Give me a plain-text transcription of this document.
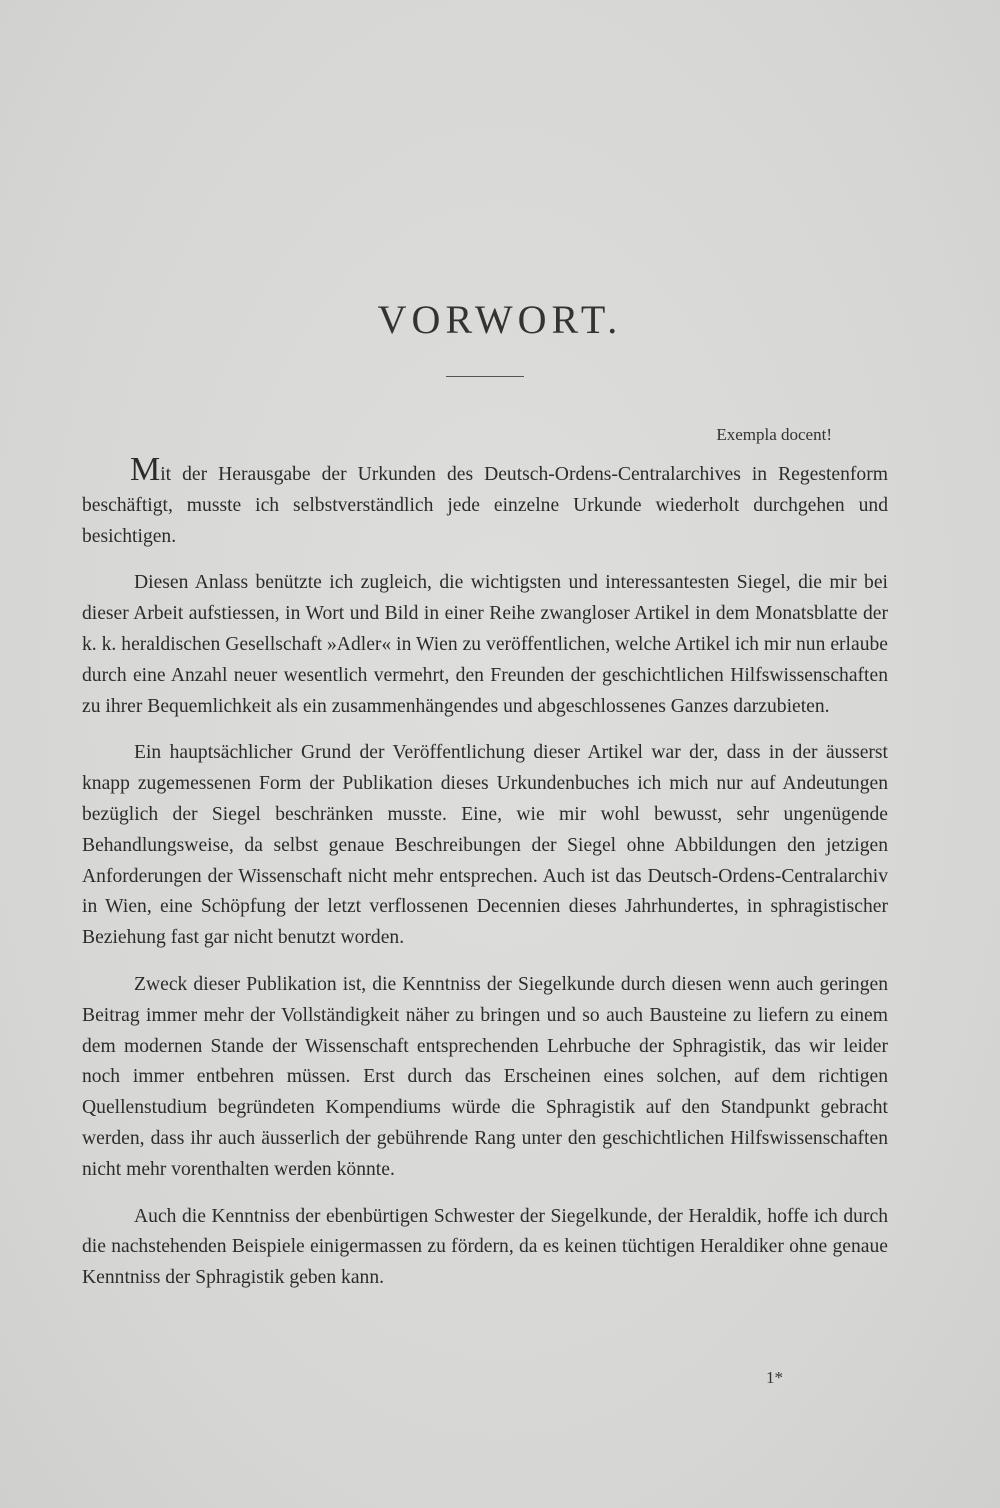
VORWORT.
Exempla docent!

Mit der Herausgabe der Urkunden des Deutsch-Ordens-Centralarchives in Regestenform beschäftigt, musste ich selbstverständlich jede einzelne Urkunde wiederholt durchgehen und besichtigen.

Diesen Anlass benützte ich zugleich, die wichtigsten und interessantesten Siegel, die mir bei dieser Arbeit aufstiessen, in Wort und Bild in einer Reihe zwangloser Artikel in dem Monatsblatte der k. k. heraldischen Gesellschaft »Adler« in Wien zu veröffentlichen, welche Artikel ich mir nun erlaube durch eine Anzahl neuer wesentlich vermehrt, den Freunden der geschichtlichen Hilfswissenschaften zu ihrer Bequemlichkeit als ein zusammenhängendes und abgeschlossenes Ganzes darzubieten.

Ein hauptsächlicher Grund der Veröffentlichung dieser Artikel war der, dass in der äusserst knapp zugemessenen Form der Publikation dieses Urkundenbuches ich mich nur auf Andeutungen bezüglich der Siegel beschränken musste. Eine, wie mir wohl bewusst, sehr ungenügende Behandlungsweise, da selbst genaue Beschreibungen der Siegel ohne Abbildungen den jetzigen Anforderungen der Wissenschaft nicht mehr entsprechen. Auch ist das Deutsch-Ordens-Centralarchiv in Wien, eine Schöpfung der letzt verflossenen Decennien dieses Jahrhundertes, in sphragistischer Beziehung fast gar nicht benutzt worden.

Zweck dieser Publikation ist, die Kenntniss der Siegelkunde durch diesen wenn auch geringen Beitrag immer mehr der Vollständigkeit näher zu bringen und so auch Bausteine zu liefern zu einem dem modernen Stande der Wissenschaft entsprechenden Lehrbuche der Sphragistik, das wir leider noch immer entbehren müssen. Erst durch das Erscheinen eines solchen, auf dem richtigen Quellenstudium begründeten Kompendiums würde die Sphragistik auf den Standpunkt gebracht werden, dass ihr auch äusserlich der gebührende Rang unter den geschichtlichen Hilfswissenschaften nicht mehr vorenthalten werden könnte.

Auch die Kenntniss der ebenbürtigen Schwester der Siegelkunde, der Heraldik, hoffe ich durch die nachstehenden Beispiele einigermassen zu fördern, da es keinen tüchtigen Heraldiker ohne genaue Kenntniss der Sphragistik geben kann.

1*
